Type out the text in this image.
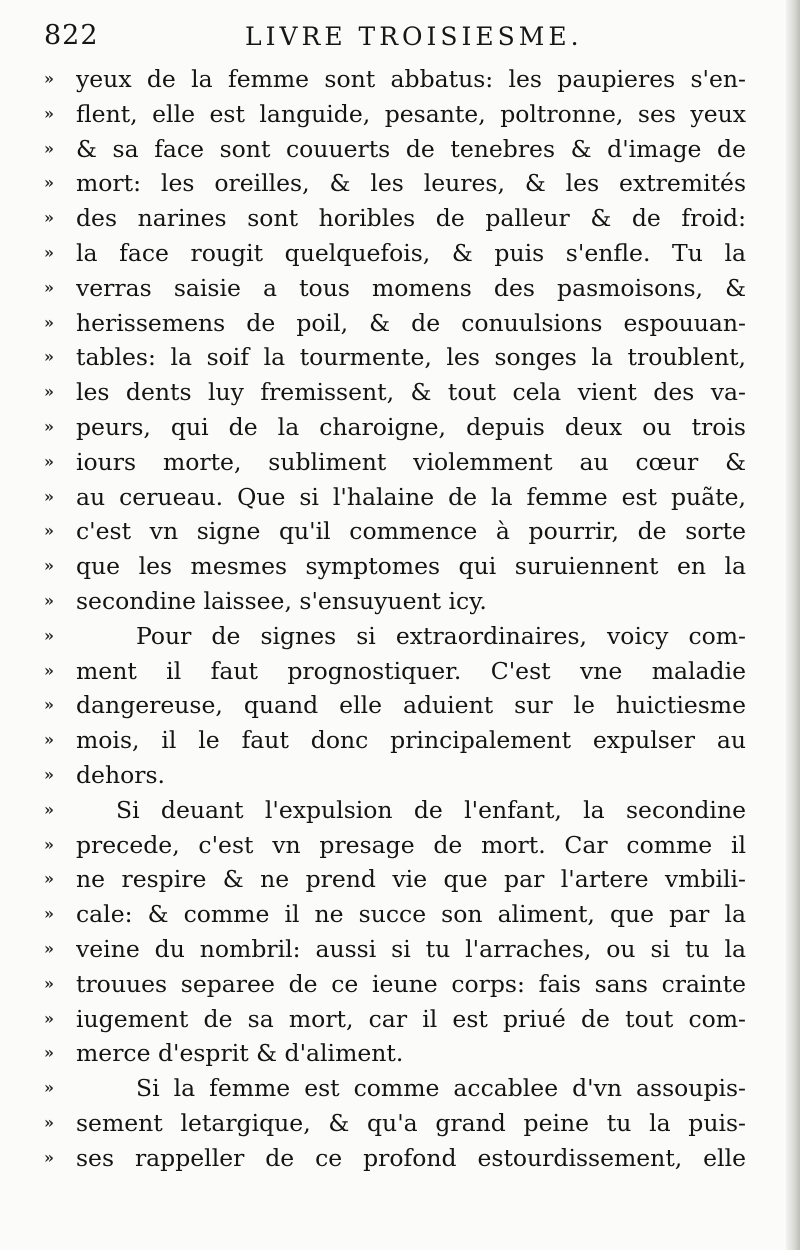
822	LIVRE TROISIESME.
» yeux de la femme sont abbatus: les paupieres s'en-
» flent, elle est languide, pesante, poltronne, ses yeux
» & sa face sont couuerts de tenebres & d'image de
» mort: les oreilles, & les leures, & les extremités
» des narines sont horibles de palleur & de froid:
» la face rougit quelquefois, & puis s'enfle. Tu la
» verras saisie a tous momens des pasmoisons, &
» herissemens de poil, & de conuulsions espouuan-
» tables: la soif la tourmente, les songes la troublent,
» les dents luy fremissent, & tout cela vient des va-
» peurs, qui de la charoigne, depuis deux ou trois
» iours morte, subliment violemment au cœur &
» au cerueau. Que si l'halaine de la femme est puãte,
» c'est vn signe qu'il commence à pourrir, de sorte
» que les mesmes symptomes qui suruiennent en la
» secondine laissee, s'ensuyuent icy.
»	Pour de signes si extraordinaires, voicy com-
» ment il faut prognostiquer. C'est vne maladie
» dangereuse, quand elle aduient sur le huictiesme
» mois, il le faut donc principalement expulser au
» dehors.
»	Si deuant l'expulsion de l'enfant, la secondine
» precede, c'est vn presage de mort. Car comme il
» ne respire & ne prend vie que par l'artere vmbili-
» cale: & comme il ne succe son aliment, que par la
» veine du nombril: aussi si tu l'arraches, ou si tu la
» trouues separee de ce ieune corps: fais sans crainte
» iugement de sa mort, car il est priué de tout com-
» merce d'esprit & d'aliment.
»	Si la femme est comme accablee d'vn assoupis-
» sement letargique, & qu'a grand peine tu la puis-
» ses rappeller de ce profond estourdissement, elle
